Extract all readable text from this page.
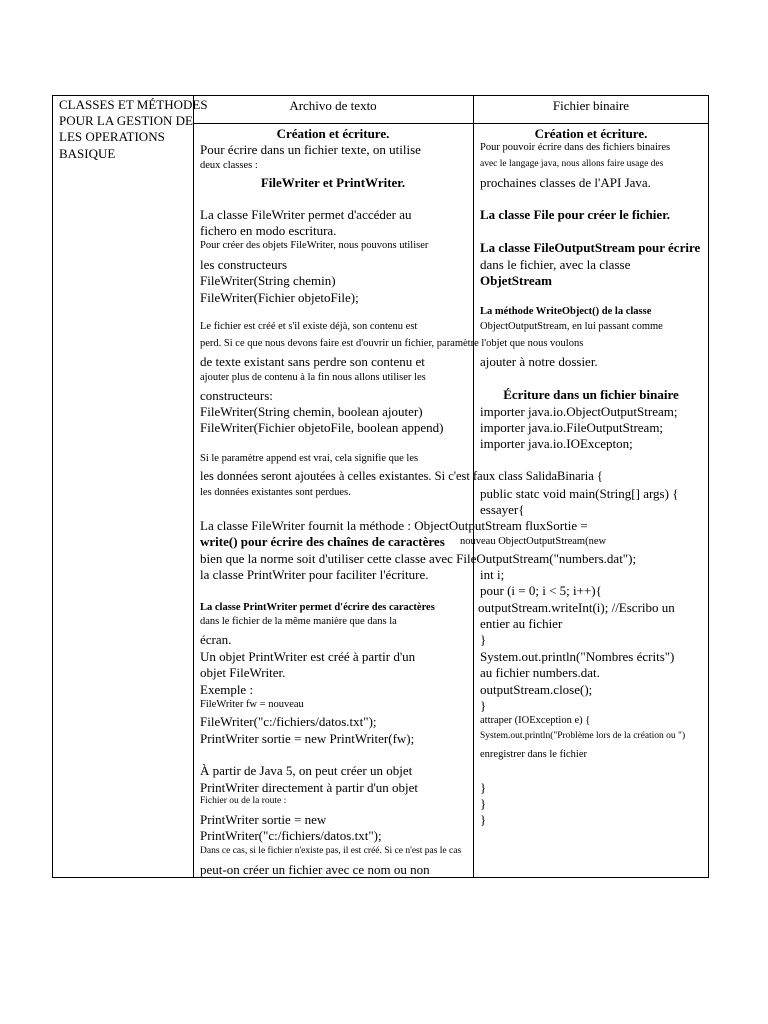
CLASSES ET MÉTHODES
POUR LA GESTION DE
LES OPERATIONS
BASIQUE
Archivo de texto	Fichier binaire
Création et écriture.
Pour écrire dans un fichier texte, on utilise
deux classes :
FileWriter et PrintWriter.
La classe FileWriter permet d'accéder au
fichero en modo escritura.
Pour créer des objets FileWriter, nous pouvons utiliser
les constructeurs
FileWriter(String chemin)
FileWriter(Fichier objetoFile);
Le fichier est créé et s'il existe déjà, son contenu est
perd. Si ce que nous devons faire est d'ouvrir un fichier, paramètre l'objet que nous voulons
de texte existant sans perdre son contenu et
ajouter plus de contenu à la fin nous allons utiliser les
constructeurs:
FileWriter(String chemin, boolean ajouter)
FileWriter(Fichier objetoFile, boolean append)
Si le paramètre append est vrai, cela signifie que les
les données seront ajoutées à celles existantes. Si c'est faux class SalidaBinaria {
les données existantes sont perdues.
La classe FileWriter fournit la méthode : ObjectOutputStream fluxSortie =
write() pour écrire des chaînes de caractères nouveau ObjectOutputStream(new
bien que la norme soit d'utiliser cette classe avec FileOutputStream("numbers.dat");
la classe PrintWriter pour faciliter l'écriture.
La classe PrintWriter permet d'écrire des caractères	outputStream.writeInt(i); //Escribo un
dans le fichier de la même manière que dans la
écran.
Un objet PrintWriter est créé à partir d'un
objet FileWriter.
Exemple :
FileWriter fw = nouveau
FileWriter("c:/fichiers/datos.txt");
PrintWriter sortie = new PrintWriter(fw);
À partir de Java 5, on peut créer un objet
PrintWriter directement à partir d'un objet
Fichier ou de la route :
PrintWriter sortie = new
PrintWriter("c:/fichiers/datos.txt");
Dans ce cas, si le fichier n'existe pas, il est créé. Si ce n'est pas le cas
peut-on créer un fichier avec ce nom ou non
Création et écriture.
Pour pouvoir écrire dans des fichiers binaires
avec le langage java, nous allons faire usage des
prochaines classes de l'API Java.
La classe File pour créer le fichier.
La classe FileOutputStream pour écrire
dans le fichier, avec la classe
ObjetStream
La méthode WriteObject() de la classe
ObjectOutputStream, en lui passant comme
ajouter à notre dossier.
Écriture dans un fichier binaire
importer java.io.ObjectOutputStream;
importer java.io.FileOutputStream;
importer java.io.IOExcepton;
public statc void main(String[] args) {
essayer{
int i;
pour (i = 0; i < 5; i++){
entier au fichier
}
System.out.println("Nombres écrits")
au fichier numbers.dat.
outputStream.close();
}
attraper (IOException e) {
System.out.println("Problème lors de la création ou ")
enregistrer dans le fichier
}
}
}
